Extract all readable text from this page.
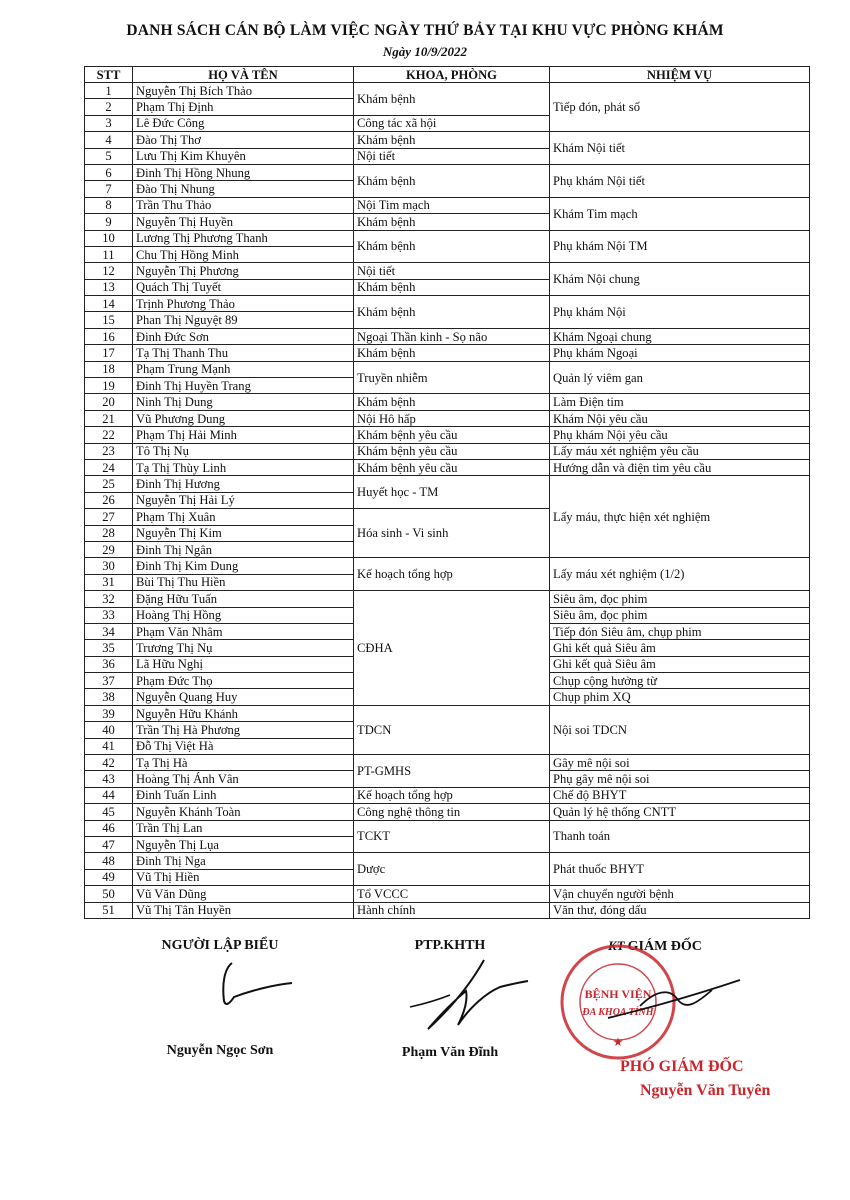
DANH SÁCH CÁN BỘ LÀM VIỆC NGÀY THỨ BẢY TẠI KHU VỰC PHÒNG KHÁM
Ngày 10/9/2022
STT	HỌ VÀ TÊN	KHOA, PHÒNG	NHIỆM VỤ
1	Nguyễn Thị Bích Thảo	Khám bệnh	Tiếp đón, phát số
2	Phạm Thị Định		
3	Lê Đức Công	Công tác xã hội	
4	Đào Thị Thơ	Khám bệnh	Khám Nội tiết
5	Lưu Thị Kim Khuyên	Nội tiết	
6	Đinh Thị Hồng Nhung	Khám bệnh	Phụ khám Nội tiết
7	Đào Thị Nhung		
8	Trần Thu Thảo	Nội Tim mạch	Khám Tim mạch
9	Nguyễn Thị Huyền	Khám bệnh	
10	Lương Thị Phương Thanh	Khám bệnh	Phụ khám Nội TM
11	Chu Thị Hồng Minh		
12	Nguyễn Thị Phương	Nội tiết	Khám Nội chung
13	Quách Thị Tuyết	Khám bệnh	
14	Trịnh Phương Thảo	Khám bệnh	Phụ khám Nội
15	Phan Thị Nguyệt 89		
16	Đinh Đức Sơn	Ngoại Thần kinh - Sọ não	Khám Ngoại chung
17	Tạ Thị Thanh Thu	Khám bệnh	Phụ khám Ngoại
18	Phạm Trung Mạnh	Truyền nhiễm	Quản lý viêm gan
19	Đinh Thị Huyền Trang		
20	Ninh Thị Dung	Khám bệnh	Làm Điện tim
21	Vũ Phương Dung	Nội Hô hấp	Khám Nội yêu cầu
22	Phạm Thị Hải Minh	Khám bệnh yêu cầu	Phụ khám Nội yêu cầu
23	Tô Thị Nụ	Khám bệnh yêu cầu	Lấy máu xét nghiệm yêu cầu
24	Tạ Thị Thùy Linh	Khám bệnh yêu cầu	Hướng dẫn và điện tim yêu cầu
25	Đinh Thị Hương	Huyết học - TM	Lấy máu, thực hiện xét nghiệm
26	Nguyễn Thị Hải Lý		
27	Phạm Thị Xuân	Hóa sinh - Vi sinh	
28	Nguyễn Thị Kim		
29	Đinh Thị Ngân		
30	Đinh Thị Kim Dung	Kế hoạch tổng hợp	Lấy máu xét nghiệm (1/2)
31	Bùi Thị Thu Hiền		
32	Đặng Hữu Tuấn	CĐHA	Siêu âm, đọc phim
33	Hoàng Thị Hồng		Siêu âm, đọc phim
34	Phạm Văn Nhâm		Tiếp đón Siêu âm, chụp phim
35	Trương Thị Nụ		Ghi kết quả Siêu âm
36	Lã Hữu Nghị		Ghi kết quả Siêu âm
37	Phạm Đức Thọ		Chụp cộng hưởng từ
38	Nguyễn Quang Huy		Chụp phim XQ
39	Nguyễn Hữu Khánh	TDCN	Nội soi TDCN
40	Trần Thị Hà Phương		
41	Đỗ Thị Việt Hà		
42	Tạ Thị Hà	PT-GMHS	Gây mê nội soi
43	Hoàng Thị Ánh Vân		Phụ gây mê nội soi
44	Đinh Tuấn Linh	Kế hoạch tổng hợp	Chế độ BHYT
45	Nguyễn Khánh Toàn	Công nghệ thông tin	Quản lý hệ thống CNTT
46	Trần Thị Lan	TCKT	Thanh toán
47	Nguyễn Thị Lụa		
48	Đinh Thị Nga	Dược	Phát thuốc BHYT
49	Vũ Thị Hiền		
50	Vũ Văn Dũng	Tổ VCCC	Vận chuyển người bệnh
51	Vũ Thị Tân Huyền	Hành chính	Văn thư, đóng dấu
NGƯỜI LẬP BIỂU
Nguyễn Ngọc Sơn
PTP.KHTH
Phạm Văn Đĩnh
KT GIÁM ĐỐC
BỆNH VIỆN
ĐA KHOA TỈNH
★
PHÓ GIÁM ĐỐC
Nguyễn Văn Tuyên
